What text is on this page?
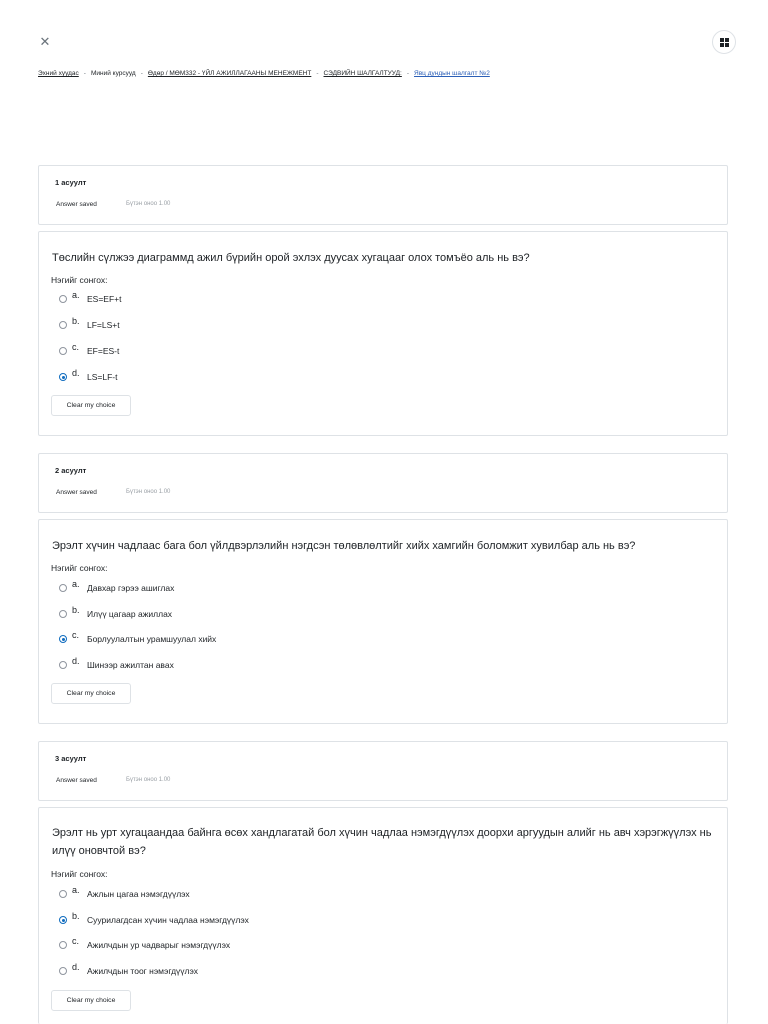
✕
Эхний хуудас - Миний курсууд - Өдөр / МӨМ332 - ҮЙЛ АЖИЛЛАГААНЫ МЕНЕЖМЕНТ - СЭДВИЙН ШАЛГАЛТУУД: - Явц дундын шалгалт №2
1 асуулт
Answer saved	Бүтэн оноо 1.00
Төслийн сүлжээ диаграммд ажил бүрийн орой эхлэх дуусах хугацааг олох томъёо аль нь вэ?
Нэгийг сонгох:
a. ES=EF+t
b. LF=LS+t
c. EF=ES-t
d. LS=LF-t
Clear my choice
2 асуулт
Answer saved	Бүтэн оноо 1.00
Эрэлт хүчин чадлаас бага бол үйлдвэрлэлийн нэгдсэн төлөвлөлтийг хийх хамгийн боломжит хувилбар аль нь вэ?
Нэгийг сонгох:
a. Давхар гэрээ ашиглах
b. Илүү цагаар ажиллах
c. Борлуулалтын урамшуулал хийх
d. Шинээр ажилтан авах
Clear my choice
3 асуулт
Answer saved	Бүтэн оноо 1.00
Эрэлт нь урт хугацаандаа байнга өсөх хандлагатай бол хүчин чадлаа нэмэгдүүлэх доорхи аргуудын алийг нь авч хэрэгжүүлэх нь илүү оновчтой вэ?
Нэгийг сонгох:
a. Ажлын цагаа нэмэгдүүлэх
b. Суурилагдсан хүчин чадлаа нэмэгдүүлэх
c. Ажилчдын ур чадварыг нэмэгдүүлэх
d. Ажилчдын тоог нэмэгдүүлэх
Clear my choice
